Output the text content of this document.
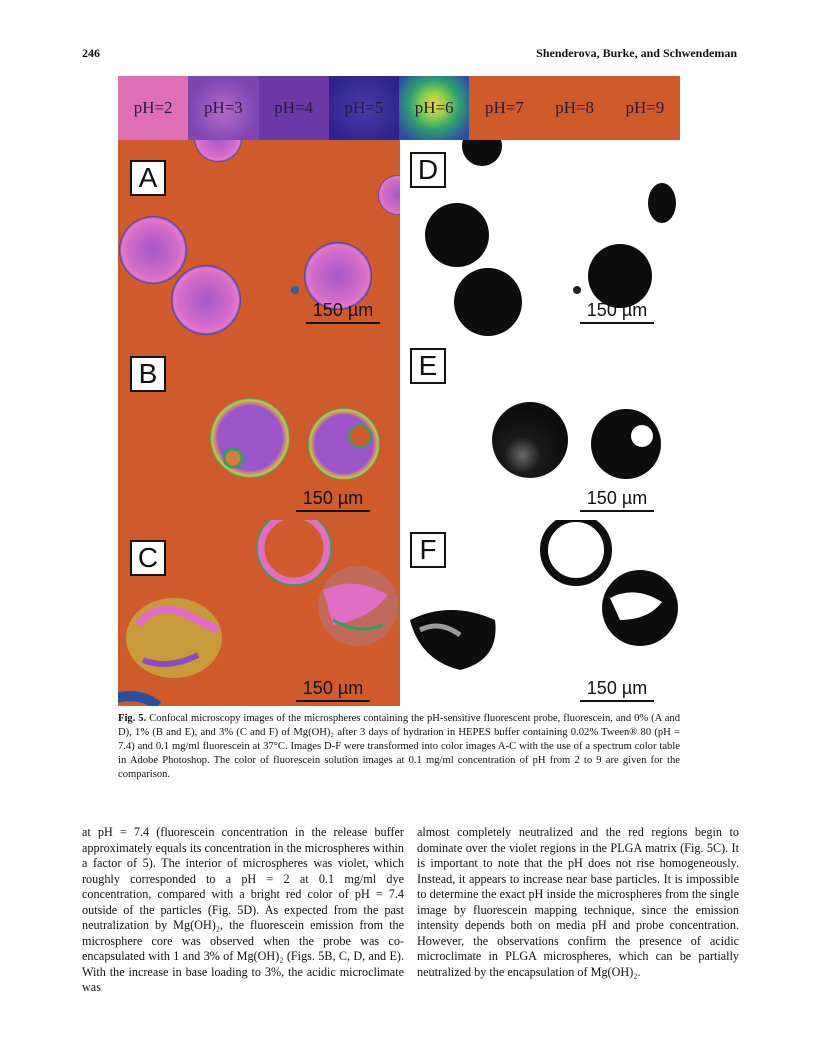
246	Shenderova, Burke, and Schwendeman
pH=2 pH=3 pH=4 pH=5 pH=6 pH=7 pH=8 pH=9
A
150 µm
D
150 µm
B
150 µm
E
150 µm
C
150 µm
F
150 µm
Fig. 5. Confocal microscopy images of the microspheres containing the pH-sensitive fluorescent probe, fluorescein, and 0% (A and D), 1% (B and E), and 3% (C and F) of Mg(OH)₂ after 3 days of hydration in HEPES buffer containing 0.02% Tween® 80 (pH = 7.4) and 0.1 mg/ml fluorescein at 37°C. Images D-F were transformed into color images A-C with the use of a spectrum color table in Adobe Photoshop. The color of fluorescein solution images at 0.1 mg/ml concentration of pH from 2 to 9 are given for the comparison.
at pH = 7.4 (fluorescein concentration in the release buffer approximately equals its concentration in the microspheres within a factor of 5). The interior of microspheres was violet, which roughly corresponded to a pH = 2 at 0.1 mg/ml dye concentration, compared with a bright red color of pH = 7.4 outside of the particles (Fig. 5D). As expected from the past neutralization by Mg(OH)₂, the fluorescein emission from the microsphere core was observed when the probe was co-encapsulated with 1 and 3% of Mg(OH)₂ (Figs. 5B, C, D, and E). With the increase in base loading to 3%, the acidic microclimate was
almost completely neutralized and the red regions begin to dominate over the violet regions in the PLGA matrix (Fig. 5C). It is important to note that the pH does not rise homogeneously. Instead, it appears to increase near base particles. It is impossible to determine the exact pH inside the microspheres from the single image by fluorescein mapping technique, since the emission intensity depends both on media pH and probe concentration. However, the observations confirm the presence of acidic microclimate in PLGA microspheres, which can be partially neutralized by the encapsulation of Mg(OH)₂.
